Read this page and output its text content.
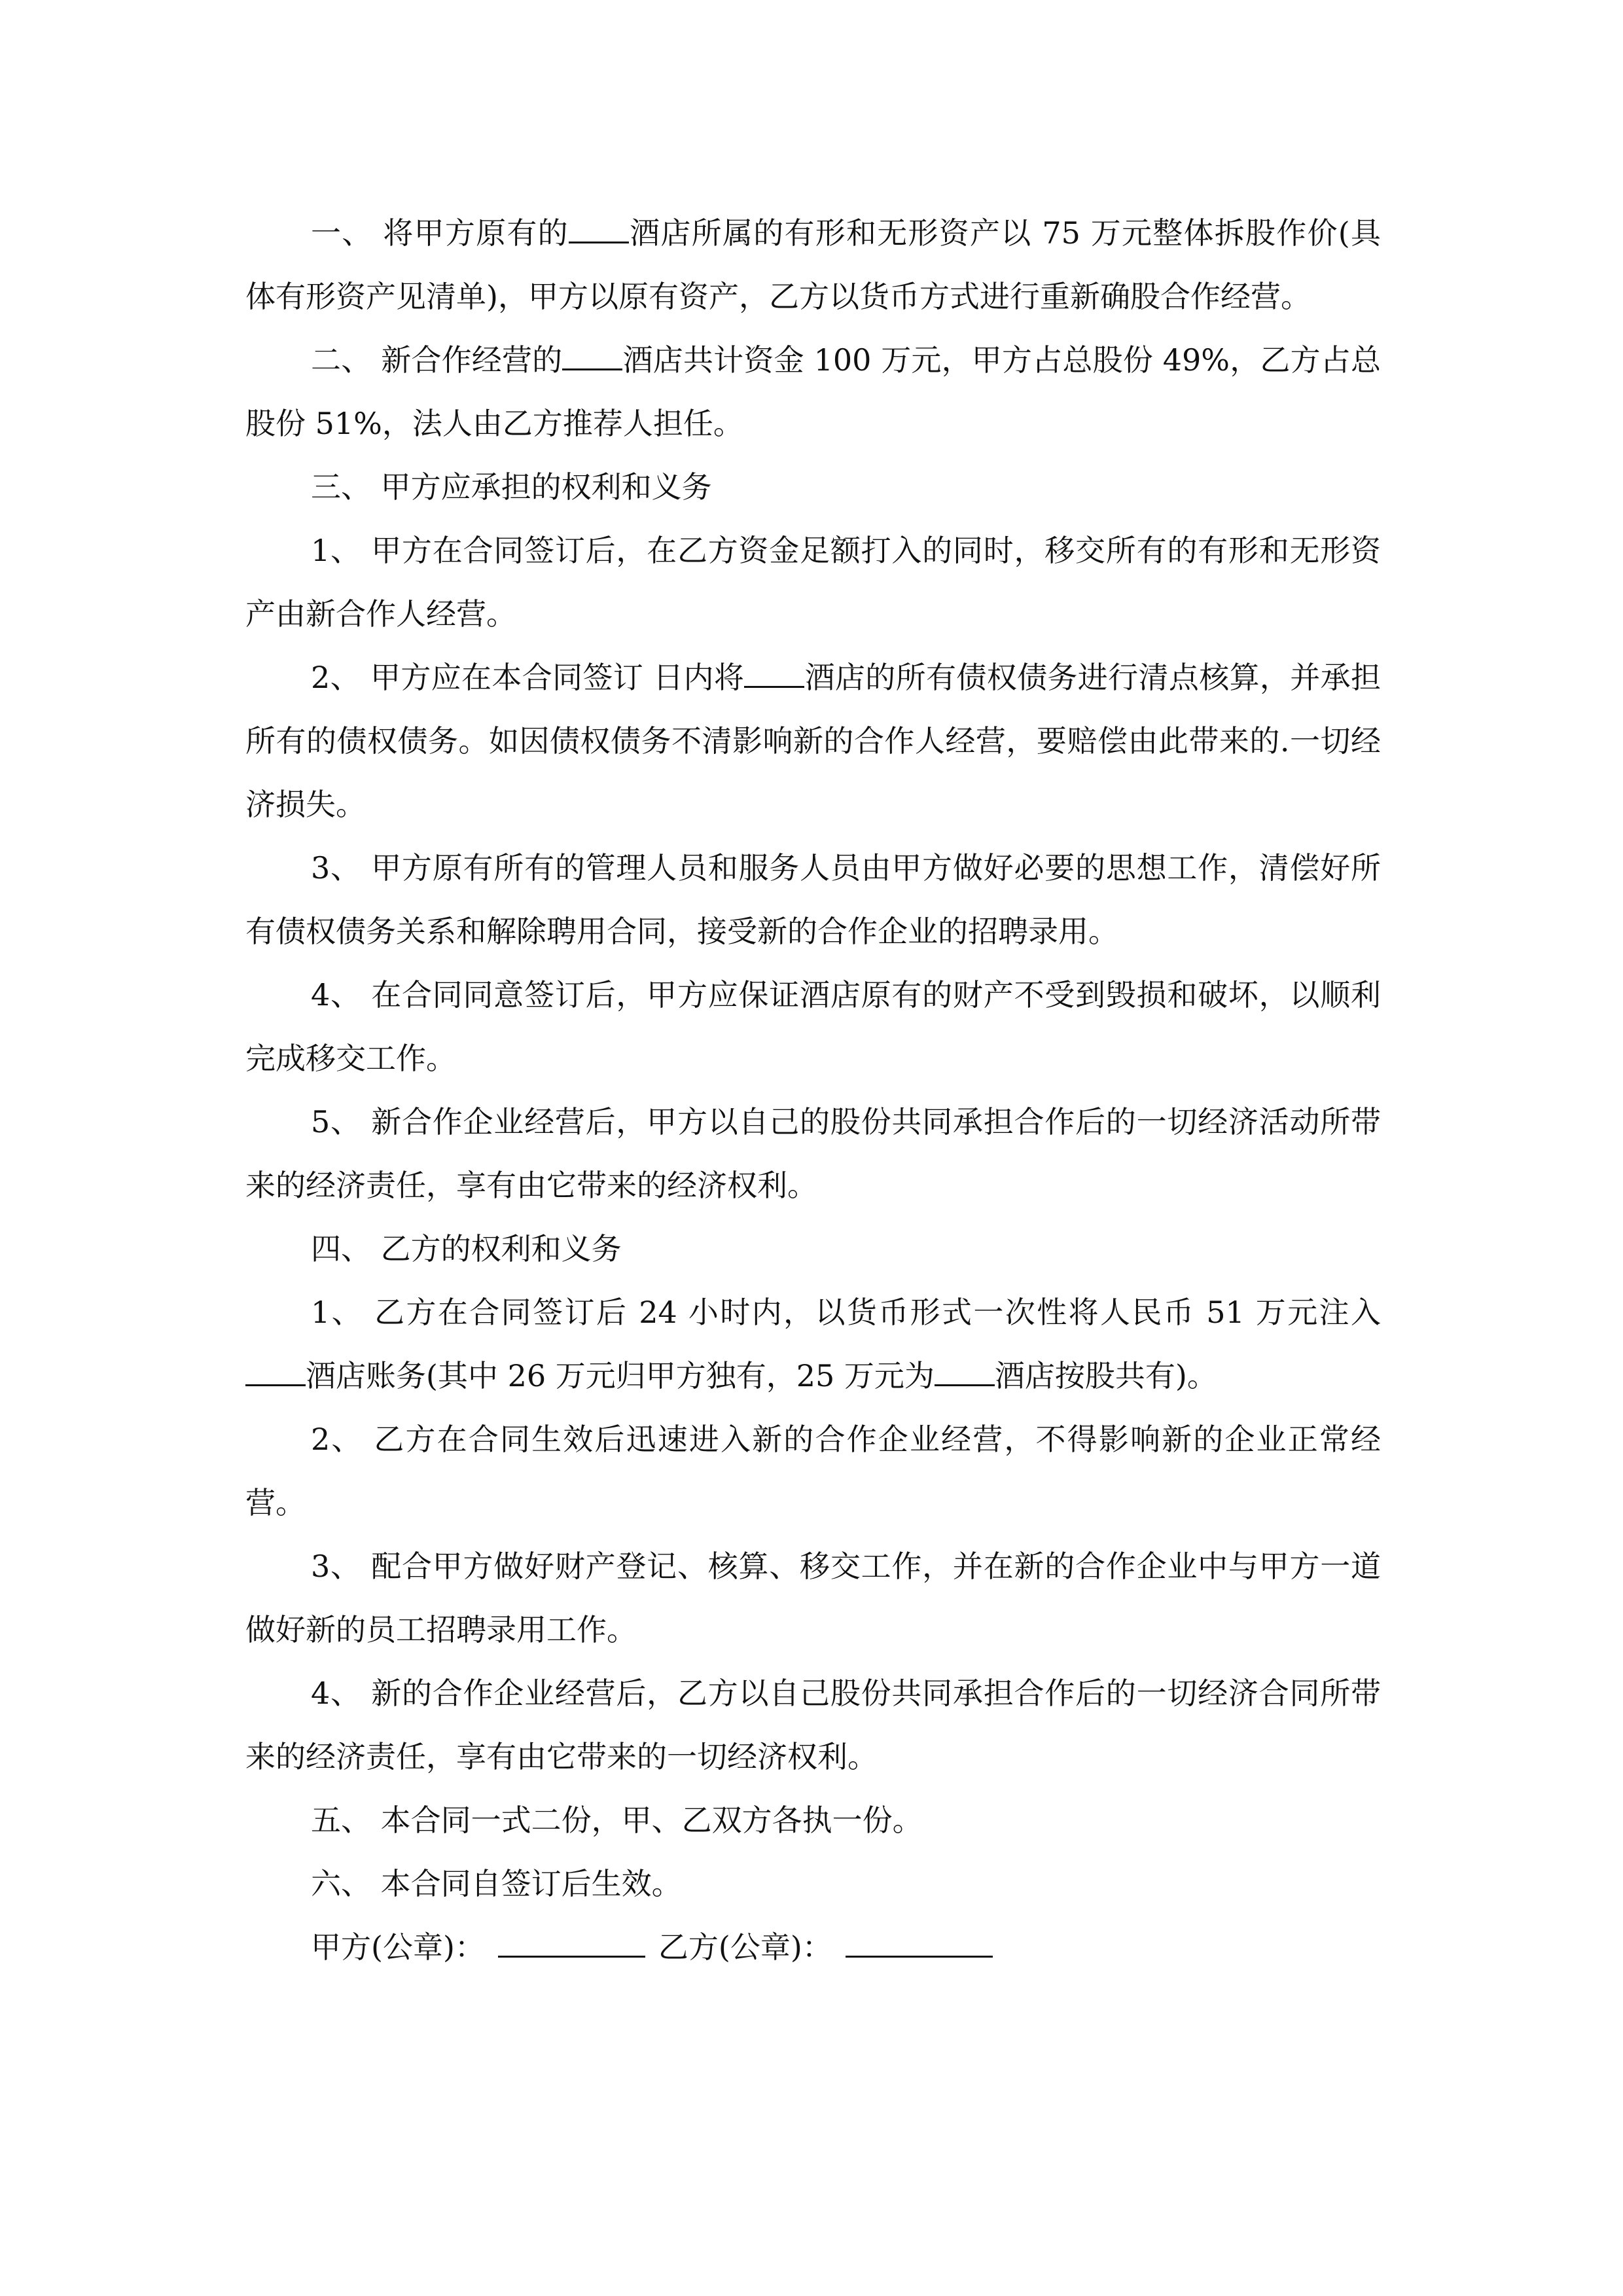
一、 将甲方原有的 酒店所属的有形和无形资产以 75 万元整体拆股作价(具体有形资产见清单)，甲方以原有资产，乙方以货币方式进行重新确股合作经营。

二、 新合作经营的 酒店共计资金 100 万元，甲方占总股份 49%，乙方占总股份 51%，法人由乙方推荐人担任。

三、 甲方应承担的权利和义务

1、 甲方在合同签订后，在乙方资金足额打入的同时，移交所有的有形和无形资产由新合作人经营。

2、 甲方应在本合同签订 日内将 酒店的所有债权债务进行清点核算，并承担所有的债权债务。如因债权债务不清影响新的合作人经营，要赔偿由此带来的.一切经济损失。

3、 甲方原有所有的管理人员和服务人员由甲方做好必要的思想工作，清偿好所有债权债务关系和解除聘用合同，接受新的合作企业的招聘录用。

4、 在合同同意签订后，甲方应保证酒店原有的财产不受到毁损和破坏，以顺利完成移交工作。

5、 新合作企业经营后，甲方以自己的股份共同承担合作后的一切经济活动所带来的经济责任，享有由它带来的经济权利。

四、 乙方的权利和义务

1、 乙方在合同签订后 24 小时内，以货币形式一次性将人民币 51 万元注入酒店账务(其中 26 万元归甲方独有，25 万元为 酒店按股共有)。

2、 乙方在合同生效后迅速进入新的合作企业经营，不得影响新的企业正常经营。

3、 配合甲方做好财产登记、核算、移交工作，并在新的合作企业中与甲方一道做好新的员工招聘录用工作。

4、 新的合作企业经营后，乙方以自己股份共同承担合作后的一切经济合同所带来的经济责任，享有由它带来的一切经济权利。

五、 本合同一式二份，甲、乙双方各执一份。

六、 本合同自签订后生效。

甲方(公章)：	乙方(公章)：
